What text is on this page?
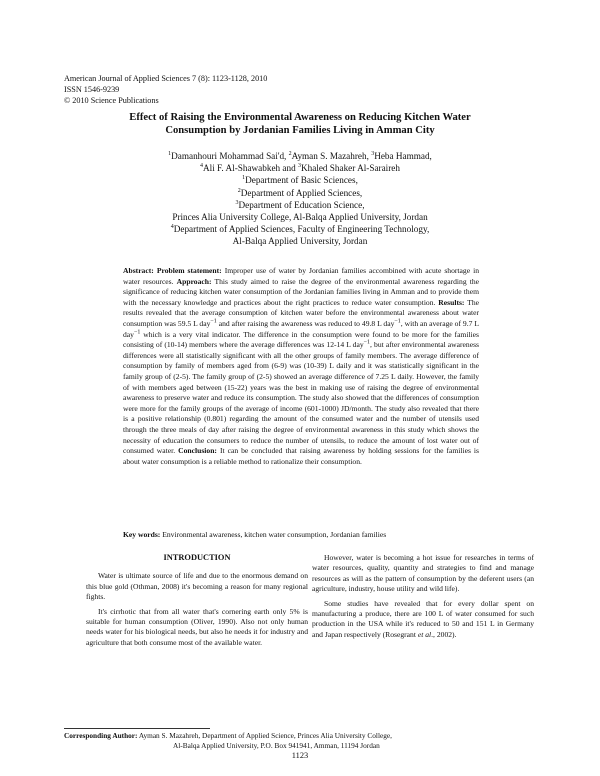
American Journal of Applied Sciences 7 (8): 1123-1128, 2010
ISSN 1546-9239
© 2010 Science Publications
Effect of Raising the Environmental Awareness on Reducing Kitchen Water
Consumption by Jordanian Families Living in Amman City
$^1$Damanhouri Mohammad Sai'd, $^2$Ayman S. Mazahreh, $^3$Heba Hammad,
$^4$Ali F. Al-Shawabkeh and $^3$Khaled Shaker Al-Saraireh
$^1$Department of Basic Sciences,
$^2$Department of Applied Sciences,
$^3$Department of Education Science,
Princes Alia University College, Al-Balqa Applied University, Jordan
$^4$Department of Applied Sciences, Faculty of Engineering Technology,
Al-Balqa Applied University, Jordan
Abstract: Problem statement: Improper use of water by Jordanian families accombined with acute shortage in water resources. Approach: This study aimed to raise the degree of the environmental awareness regarding the significance of reducing kitchen water consumption of the Jordanian families living in Amman and to provide them with the necessary knowledge and practices about the right practices to reduce water consumption. Results: The results revealed that the average consumption of kitchen water before the environmental awareness about water consumption was 59.5 L day$^{-1}$ and after raising the awareness was reduced to 49.8 L day$^{-1}$, with an average of 9.7 L day$^{-1}$ which is a very vital indicator. The difference in the consumption were found to be more for the families consisting of (10-14) members where the average differences was 12-14 L day$^{-1}$, but after environmental awareness differences were all statistically significant with all the other groups of family members. The average difference of consumption by family of members aged from (6-9) was (10-39) L daily and it was statistically significant in the family group of (2-5). The family group of (2-5) showed an average difference of 7.25 L daily. However, the family of with members aged between (15-22) years was the best in making use of raising the degree of environmental awareness to preserve water and reduce its consumption. The study also showed that the differences of consumption were more for the family groups of the average of income (601-1000) JD/month. The study also revealed that there is a positive relationship (0.801) regarding the amount of the consumed water and the number of utensils used through the three meals of day after raising the degree of environmental awareness in this study which shows the necessity of education the consumers to reduce the number of utensils, to reduce the amount of lost water out of consumed water. Conclusion: It can be concluded that raising awareness by holding sessions for the families is about water consumption is a reliable method to rationalize their consumption.
Key words: Environmental awareness, kitchen water consumption, Jordanian families
INTRODUCTION

Water is ultimate source of life and due to the enormous demand on this blue gold (Othman, 2008) it's becoming a reason for many regional fights.

It's cirrhotic that from all water that's cornering earth only 5% is suitable for human consumption (Oliver, 1990). Also not only human needs water for his biological needs, but also he needs it for industry and agriculture that both consume most of the available water.

However, water is becoming a hot issue for researches in terms of water resources, quality, quantity and strategies to find and manage resources as will as the pattern of consumption by the deferent users (an agriculture, industry, house utility and wild life).

Some studies have revealed that for every dollar spent on manufacturing a produce, there are 100 L of water consumed for such production in the USA while it's reduced to 50 and 151 L in Germany and Japan respectively (Rosegrant et al., 2002).

Corresponding Author: Ayman S. Mazahreh, Department of Applied Science, Princes Alia University College,
Al-Balqa Applied University, P.O. Box 941941, Amman, 11194 Jordan
1123
